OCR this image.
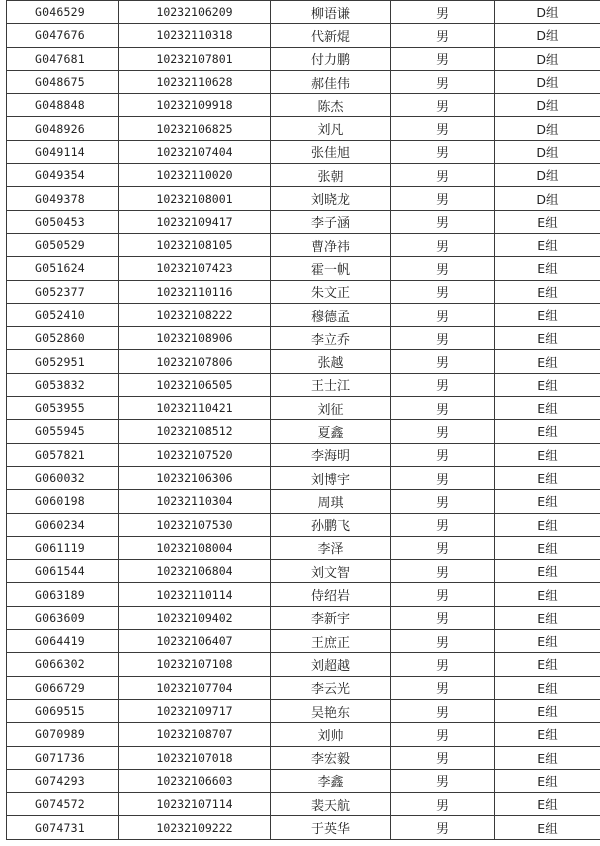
G046529	10232106209	柳语谦	男	D组
G047676	10232110318	代新焜	男	D组
G047681	10232107801	付力鹏	男	D组
G048675	10232110628	郝佳伟	男	D组
G048848	10232109918	陈杰	男	D组
G048926	10232106825	刘凡	男	D组
G049114	10232107404	张佳旭	男	D组
G049354	10232110020	张朝	男	D组
G049378	10232108001	刘晓龙	男	D组
G050453	10232109417	李子涵	男	E组
G050529	10232108105	曹净祎	男	E组
G051624	10232107423	霍一帆	男	E组
G052377	10232110116	朱文正	男	E组
G052410	10232108222	穆德孟	男	E组
G052860	10232108906	李立乔	男	E组
G052951	10232107806	张越	男	E组
G053832	10232106505	王士江	男	E组
G053955	10232110421	刘征	男	E组
G055945	10232108512	夏鑫	男	E组
G057821	10232107520	李海明	男	E组
G060032	10232106306	刘博宇	男	E组
G060198	10232110304	周琪	男	E组
G060234	10232107530	孙鹏飞	男	E组
G061119	10232108004	李泽	男	E组
G061544	10232106804	刘文智	男	E组
G063189	10232110114	侍绍岩	男	E组
G063609	10232109402	李新宇	男	E组
G064419	10232106407	王庶正	男	E组
G066302	10232107108	刘超越	男	E组
G066729	10232107704	李云光	男	E组
G069515	10232109717	吴艳东	男	E组
G070989	10232108707	刘帅	男	E组
G071736	10232107018	李宏毅	男	E组
G074293	10232106603	李鑫	男	E组
G074572	10232107114	裴天航	男	E组
G074731	10232109222	于英华	男	E组
